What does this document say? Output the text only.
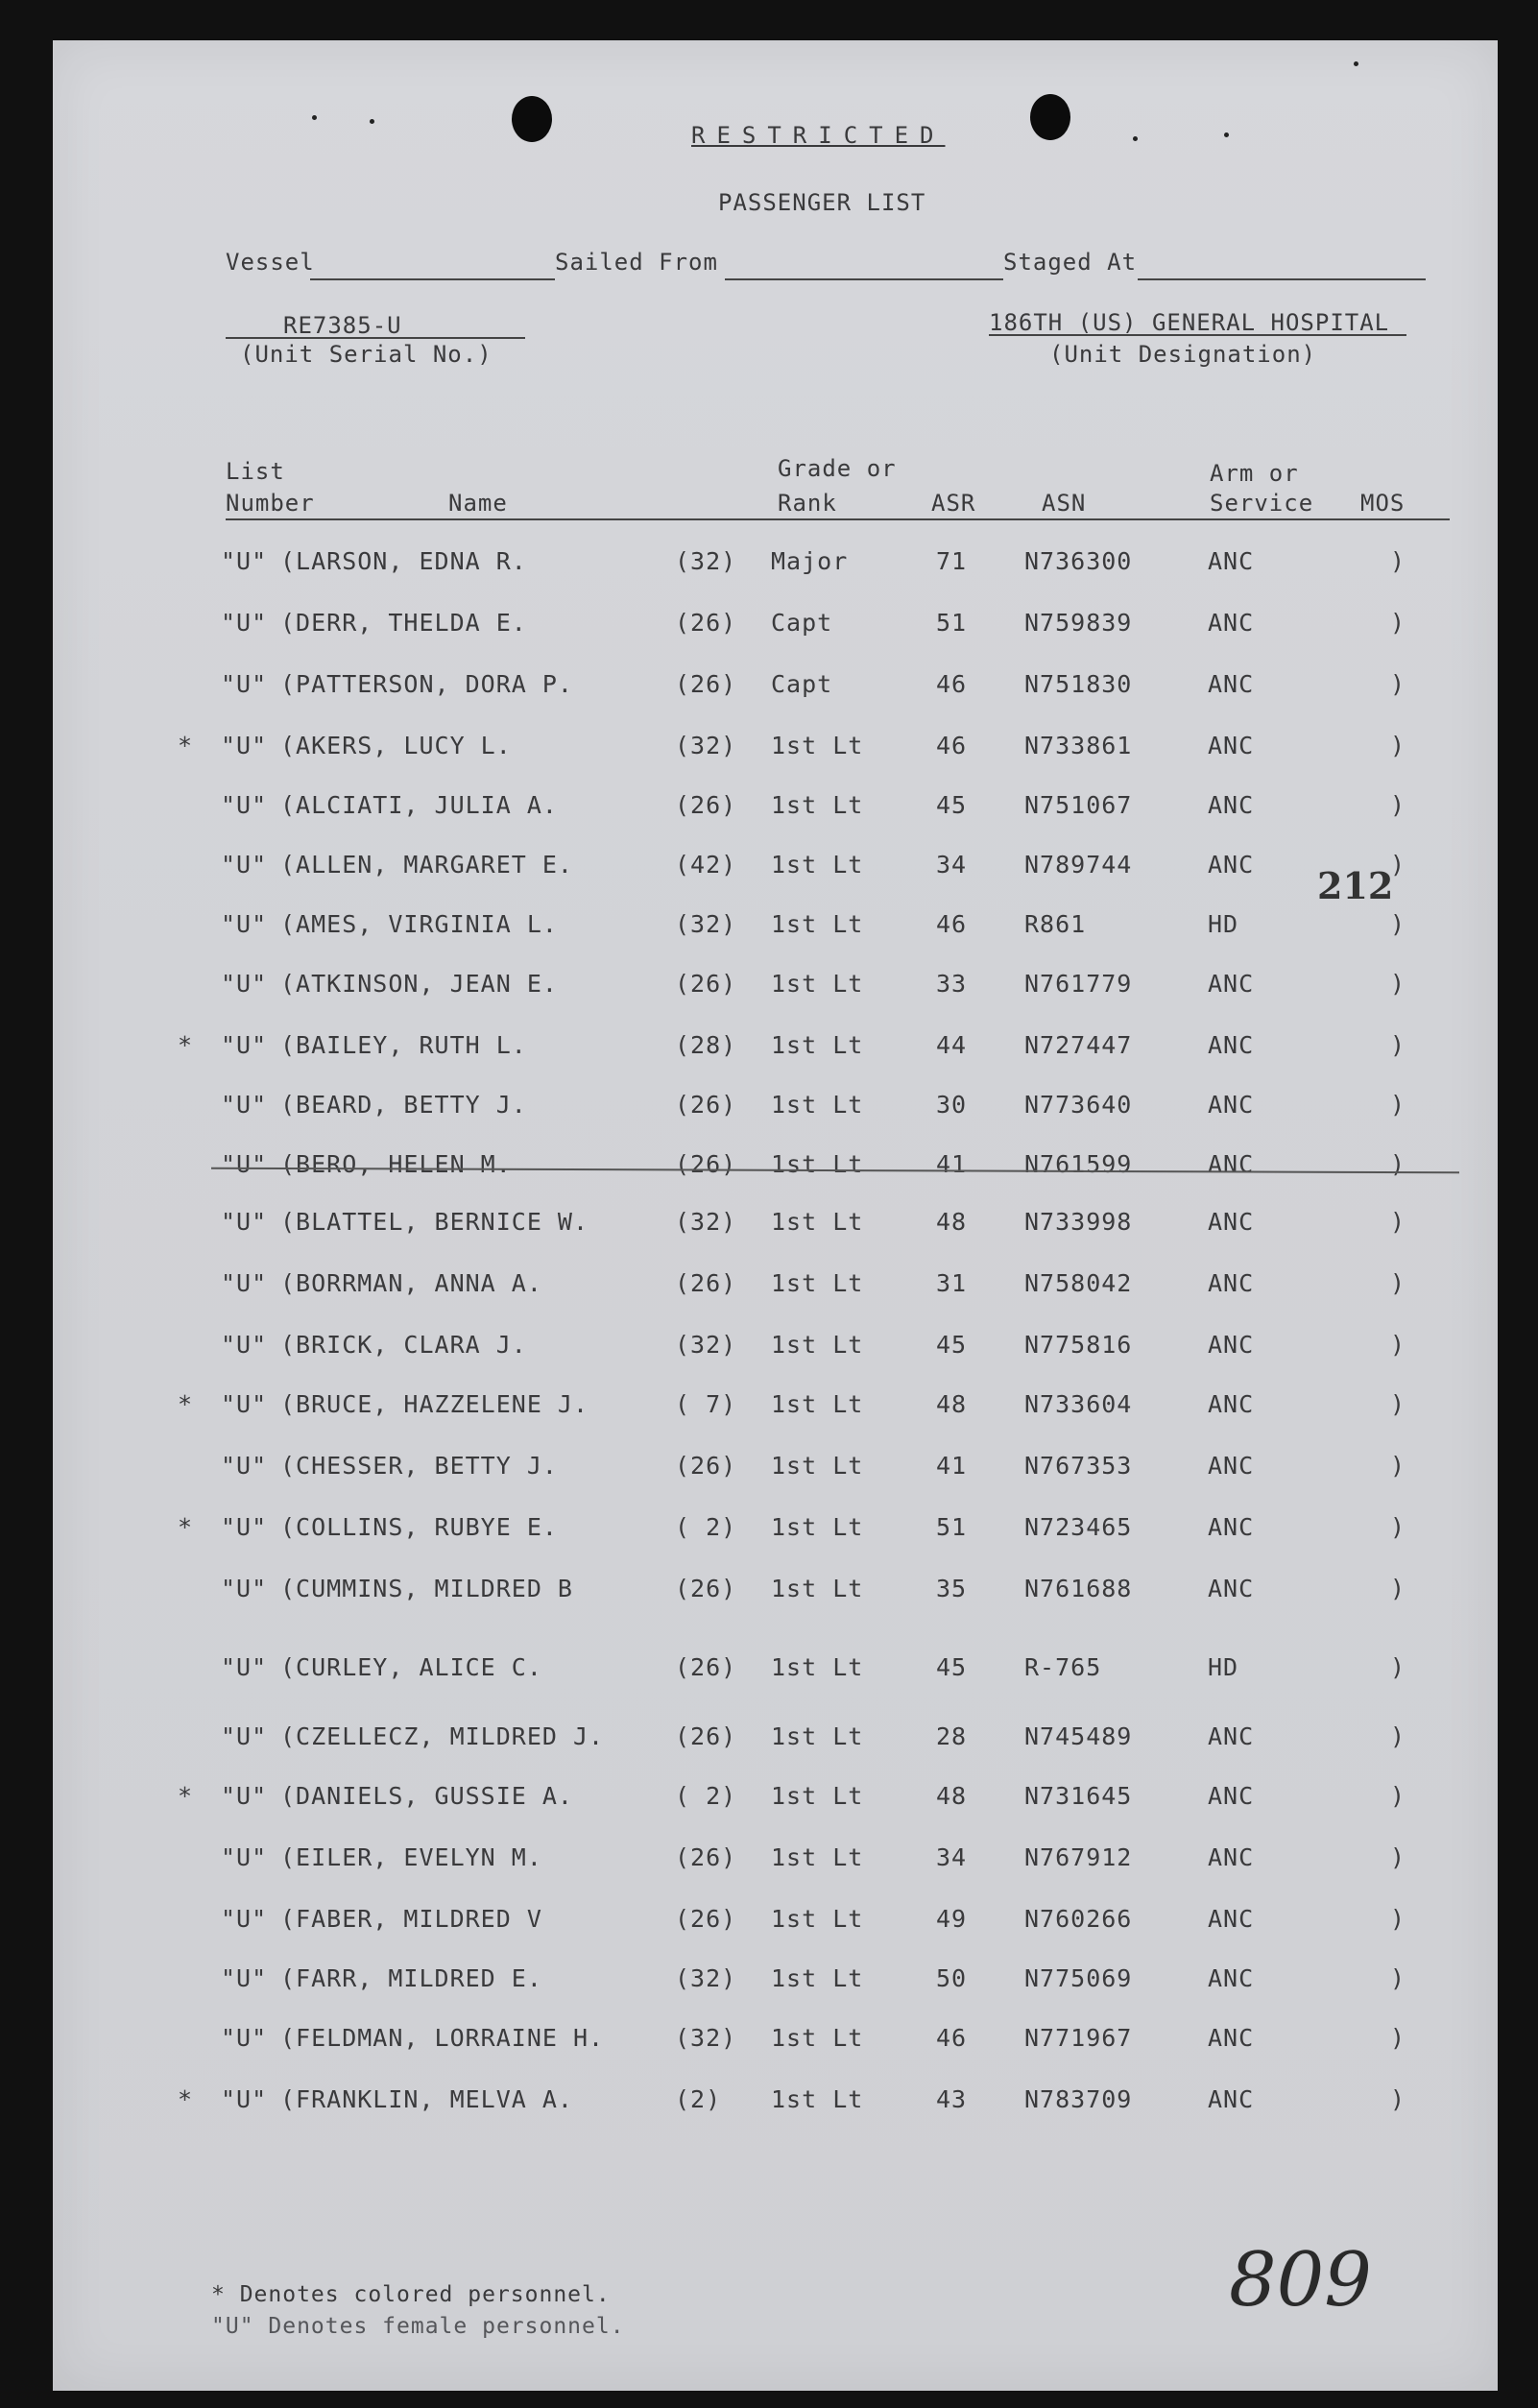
RESTRICTED
PASSENGER LIST
Vessel	Sailed From	Staged At
RE7385-U
(Unit Serial No.)
186TH (US) GENERAL HOSPITAL
(Unit Designation)
List
Number	Name
Grade or
Rank	ASR	ASN
Arm or
Service MOS
"U" (LARSON, EDNA R.	(32) Major	71 N736300	ANC	)
"U" (DERR, THELDA E.	(26) Capt	51 N759839	ANC	)
"U" (PATTERSON, DORA P.	(26) Capt	46 N751830	ANC	)
* "U" (AKERS, LUCY L.	(32) 1st Lt	46 N733861	ANC	)
"U" (ALCIATI, JULIA A.	(26) 1st Lt	45 N751067	ANC	)
"U" (ALLEN, MARGARET E.	(42) 1st Lt	34 N789744	ANC	)
"U" (AMES, VIRGINIA L.	(32) 1st Lt	46 R861	HD	)
"U" (ATKINSON, JEAN E.	(26) 1st Lt	33 N761779	ANC	)
* "U" (BAILEY, RUTH L.	(28) 1st Lt	44 N727447	ANC	)
"U" (BEARD, BETTY J.	(26) 1st Lt	30 N773640	ANC	)
"U" (BERO, HELEN M.	(26) 1st Lt	41 N761599	ANC	)
"U" (BLATTEL, BERNICE W.	(32) 1st Lt	48 N733998	ANC	)
"U" (BORRMAN, ANNA A.	(26) 1st Lt	31 N758042	ANC	)
"U" (BRICK, CLARA J.	(32) 1st Lt	45 N775816	ANC	)
* "U" (BRUCE, HAZZELENE J.	( 7) 1st Lt	48 N733604	ANC	)
"U" (CHESSER, BETTY J.	(26) 1st Lt	41 N767353	ANC	)
* "U" (COLLINS, RUBYE E.	( 2) 1st Lt	51 N723465	ANC	)
"U" (CUMMINS, MILDRED B	(26) 1st Lt	35 N761688	ANC	)
"U" (CURLEY, ALICE C.	(26) 1st Lt	45 R-765	HD	)
"U" (CZELLECZ, MILDRED J.	(26) 1st Lt	28 N745489	ANC	)
* "U" (DANIELS, GUSSIE A.	( 2) 1st Lt	48 N731645	ANC	)
"U" (EILER, EVELYN M.	(26) 1st Lt	34 N767912	ANC	)
"U" (FABER, MILDRED V	(26) 1st Lt	49 N760266	ANC	)
"U" (FARR, MILDRED E.	(32) 1st Lt	50 N775069	ANC	)
"U" (FELDMAN, LORRAINE H.	(32) 1st Lt	46 N771967	ANC	)
* "U" (FRANKLIN, MELVA A.	(2) 1st Lt	43 N783709	ANC	)
212
* Denotes colored personnel.
"U" Denotes female personnel.
809
